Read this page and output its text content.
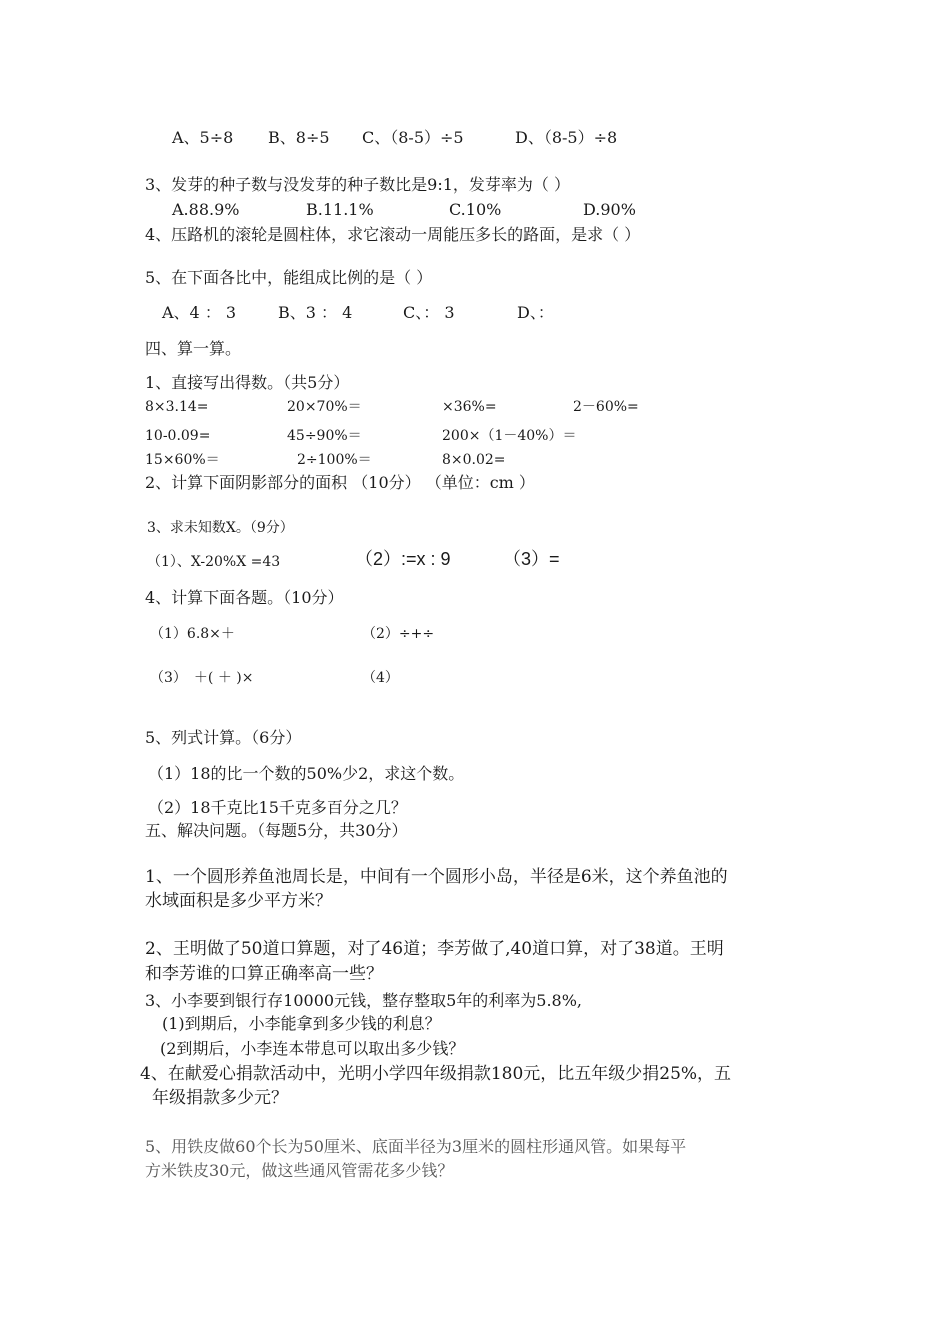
A、5÷8 B、8÷5 C、（8-5）÷5	D、（8-5）÷8
3、发芽的种子数与没发芽的种子数比是9:1，发芽率为（ ）
A.88.9%	B.11.1%	C.10%	D.90%
4、压路机的滚轮是圆柱体，求它滚动一周能压多长的路面，是求（ ）
5、在下面各比中，能组成比例的是（ ）
A、4 ： 3	B、3 ： 4	C、： 3	D、：
四、算一算。
1、直接写出得数。（共5分）
8×3.14=	20×70%＝	×36%=	2－60%=
10-0.09=	45÷90%＝	200×（1－40%）＝
15×60%＝	2÷100%＝	8×0.02=
2、计算下面阴影部分的面积 （10分） （单位：cm ）
3、求未知数X。（9分）
（1）、X-20%X =43	（2）:=x : 9	（3）=
4、计算下面各题。（10分）
（1）6.8×＋	（2）÷+÷
（3）　＋( ＋ )×	（4）
5、列式计算。（6分）
（1）18的比一个数的50%少2，求这个数。
（2）18千克比15千克多百分之几？
五、解决问题。（每题5分，共30分）
1、一个圆形养鱼池周长是，中间有一个圆形小岛，半径是6米，这个养鱼池的
水域面积是多少平方米？
2、王明做了50道口算题，对了46道；李芳做了,40道口算，对了38道。王明
和李芳谁的口算正确率高一些？
3、小李要到银行存10000元钱，整存整取5年的利率为5.8%,
(1)到期后，小李能拿到多少钱的利息？
(2到期后，小李连本带息可以取出多少钱？
4、在献爱心捐款活动中，光明小学四年级捐款180元，比五年级少捐25%，五
年级捐款多少元？
5、用铁皮做60个长为50厘米、底面半径为3厘米的圆柱形通风管。如果每平
方米铁皮30元，做这些通风管需花多少钱？
